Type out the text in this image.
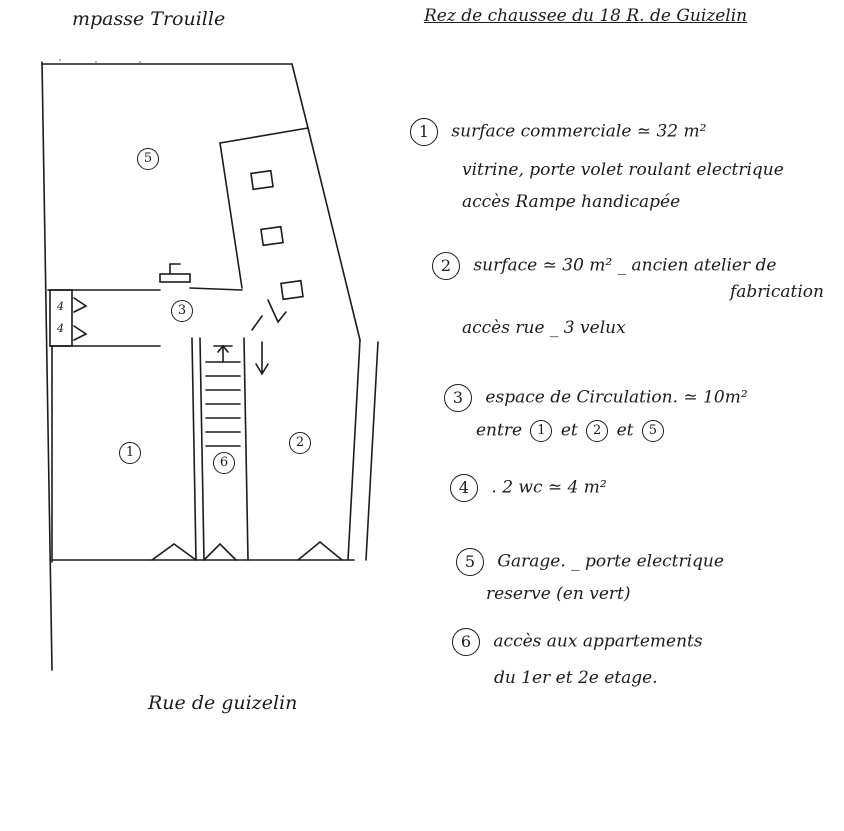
mpasse Trouille	Rez de chaussee du 18 R. de Guizelin
5
3
1
6
2
4
4
Rue de guizelin
1 surface commerciale ≃ 32 m²
vitrine, porte volet roulant electrique
accès Rampe handicapée
2 surface ≃ 30 m² _ ancien atelier de
fabrication
accès rue _ 3 velux
3 espace de Circulation. ≃ 10m²
entre 1 et 2 et 5
4 . 2 wc ≃ 4 m²
5 Garage. _ porte electrique
reserve (en vert)
6 accès aux appartements
du 1er et 2e etage.
